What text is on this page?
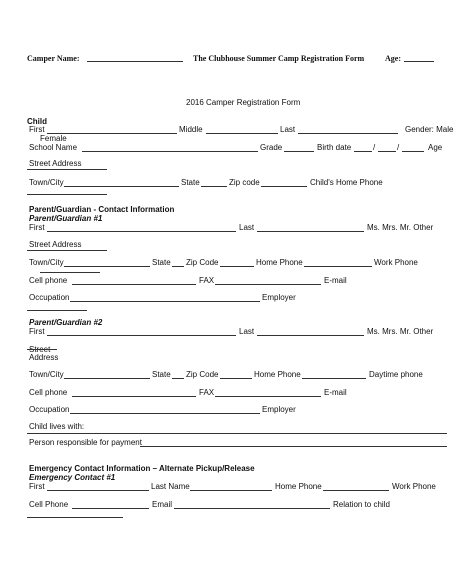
Camper Name:	The Clubhouse Summer Camp Registration Form	Age:
2016 Camper Registration Form
Child
First	Middle	Last	Gender: Male
Female
School Name	Grade	Birth date	/	/	Age
Street Address
Town/City	State	Zip code	Child's Home Phone
Parent/Guardian - Contact Information
Parent/Guardian #1
First	Last	Ms. Mrs. Mr. Other
Street Address
Town/City	State Zip Code	Home Phone	Work Phone
Cell phone	FAX	E-mail
Occupation	Employer
Parent/Guardian #2
First	Last	Ms. Mrs. Mr. Other
Street
Address
Town/City	State Zip Code	Home Phone	Daytime phone
Cell phone	FAX	E-mail
Occupation	Employer
Child lives with:
Person responsible for payment
Emergency Contact Information – Alternate Pickup/Release
Emergency Contact #1
First	Last Name	Home Phone	Work Phone
Cell Phone	Email	Relation to child
